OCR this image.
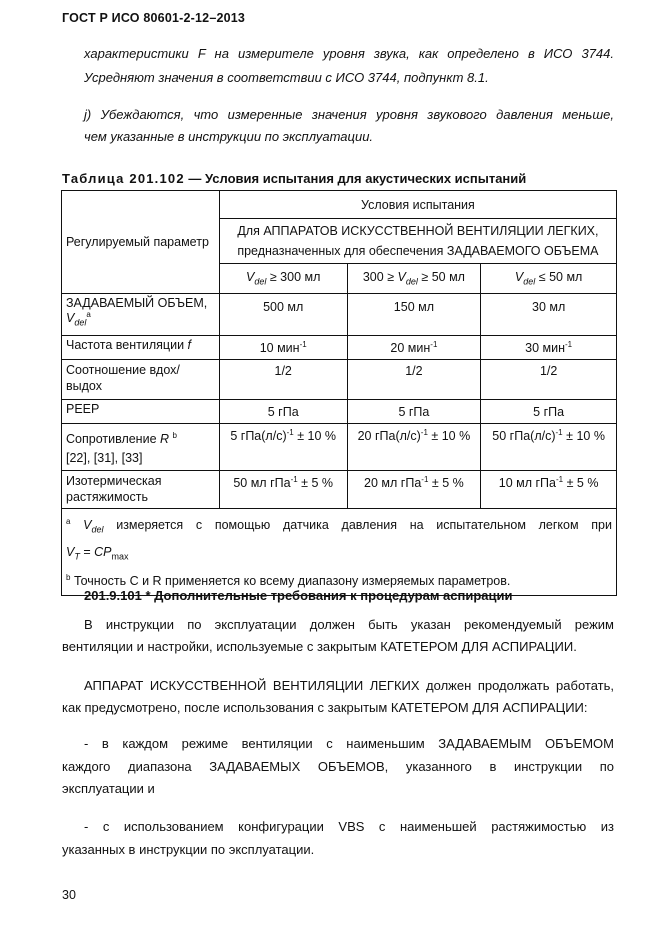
ГОСТ Р ИСО 80601-2-12–2013
характеристики F на измерителе уровня звука, как определено в ИСО 3744.
Усредняют значения в соответствии с ИСО 3744, подпункт 8.1.
j) Убеждаются, что измеренные значения уровня звукового давления меньше,
чем указанные в инструкции по эксплуатации.
Таблица 201.102 — Условия испытания для акустических испытаний
Регулируемый параметр	Условия испытания		
	Для АППАРАТОВ ИСКУССТВЕННОЙ ВЕНТИЛЯЦИИ ЛЕГКИХ, предназначенных для обеспечения ЗАДАВАЕМОГО ОБЪЕМА		
	$V_{del} \ge 300$ мл	$300 \ge V_{del} \ge 50$ мл	$V_{del} \le 50$ мл
ЗАДАВАЕМЫЙ ОБЪЕМ,
$V_{del}^a$	500 мл	150 мл	30 мл
Частота вентиляции f	10 мин$^{-1}$	20 мин$^{-1}$	30 мин$^{-1}$
Соотношение вдох/выдох	1/2	1/2	1/2
PEEP	5 гПа	5 гПа	5 гПа
Сопротивление R $^b$
[22], [31], [33]	5 $гПа(л/с)^{-1} \pm 10$ %	20 $гПа(л/с)^{-1} \pm 10$ %	50 $гПа(л/с)^{-1} \pm 10$ %
Изотермическая растяжимость	50 мл гПа$^{-1}$ ± 5 %	20 мл гПа$^{-1}$ ± 5 %	10 мл гПа$^{-1}$ ± 5 %

$^a$ $V_{del}$ измеряется с помощью датчика давления на испытательном легком при
$V_T = CP_{max}$
$^b$ Точность C и R применяется ко всему диапазону измеряемых параметров.			
201.9.101 * Дополнительные требования к процедурам аспирации
В инструкции по эксплуатации должен быть указан рекомендуемый режим
вентиляции и настройки, используемые с закрытым КАТЕТЕРОМ ДЛЯ АСПИРАЦИИ.
АППАРАТ ИСКУССТВЕННОЙ ВЕНТИЛЯЦИИ ЛЕГКИХ должен продолжать работать,
как предусмотрено, после использования с закрытым КАТЕТЕРОМ ДЛЯ АСПИРАЦИИ:
- в каждом режиме вентиляции с наименьшим ЗАДАВАЕМЫМ ОБЪЕМОМ
каждого диапазона ЗАДАВАЕМЫХ ОБЪЕМОВ, указанного в инструкции по
эксплуатации и
- с использованием конфигурации VBS с наименьшей растяжимостью из
указанных в инструкции по эксплуатации.
30
